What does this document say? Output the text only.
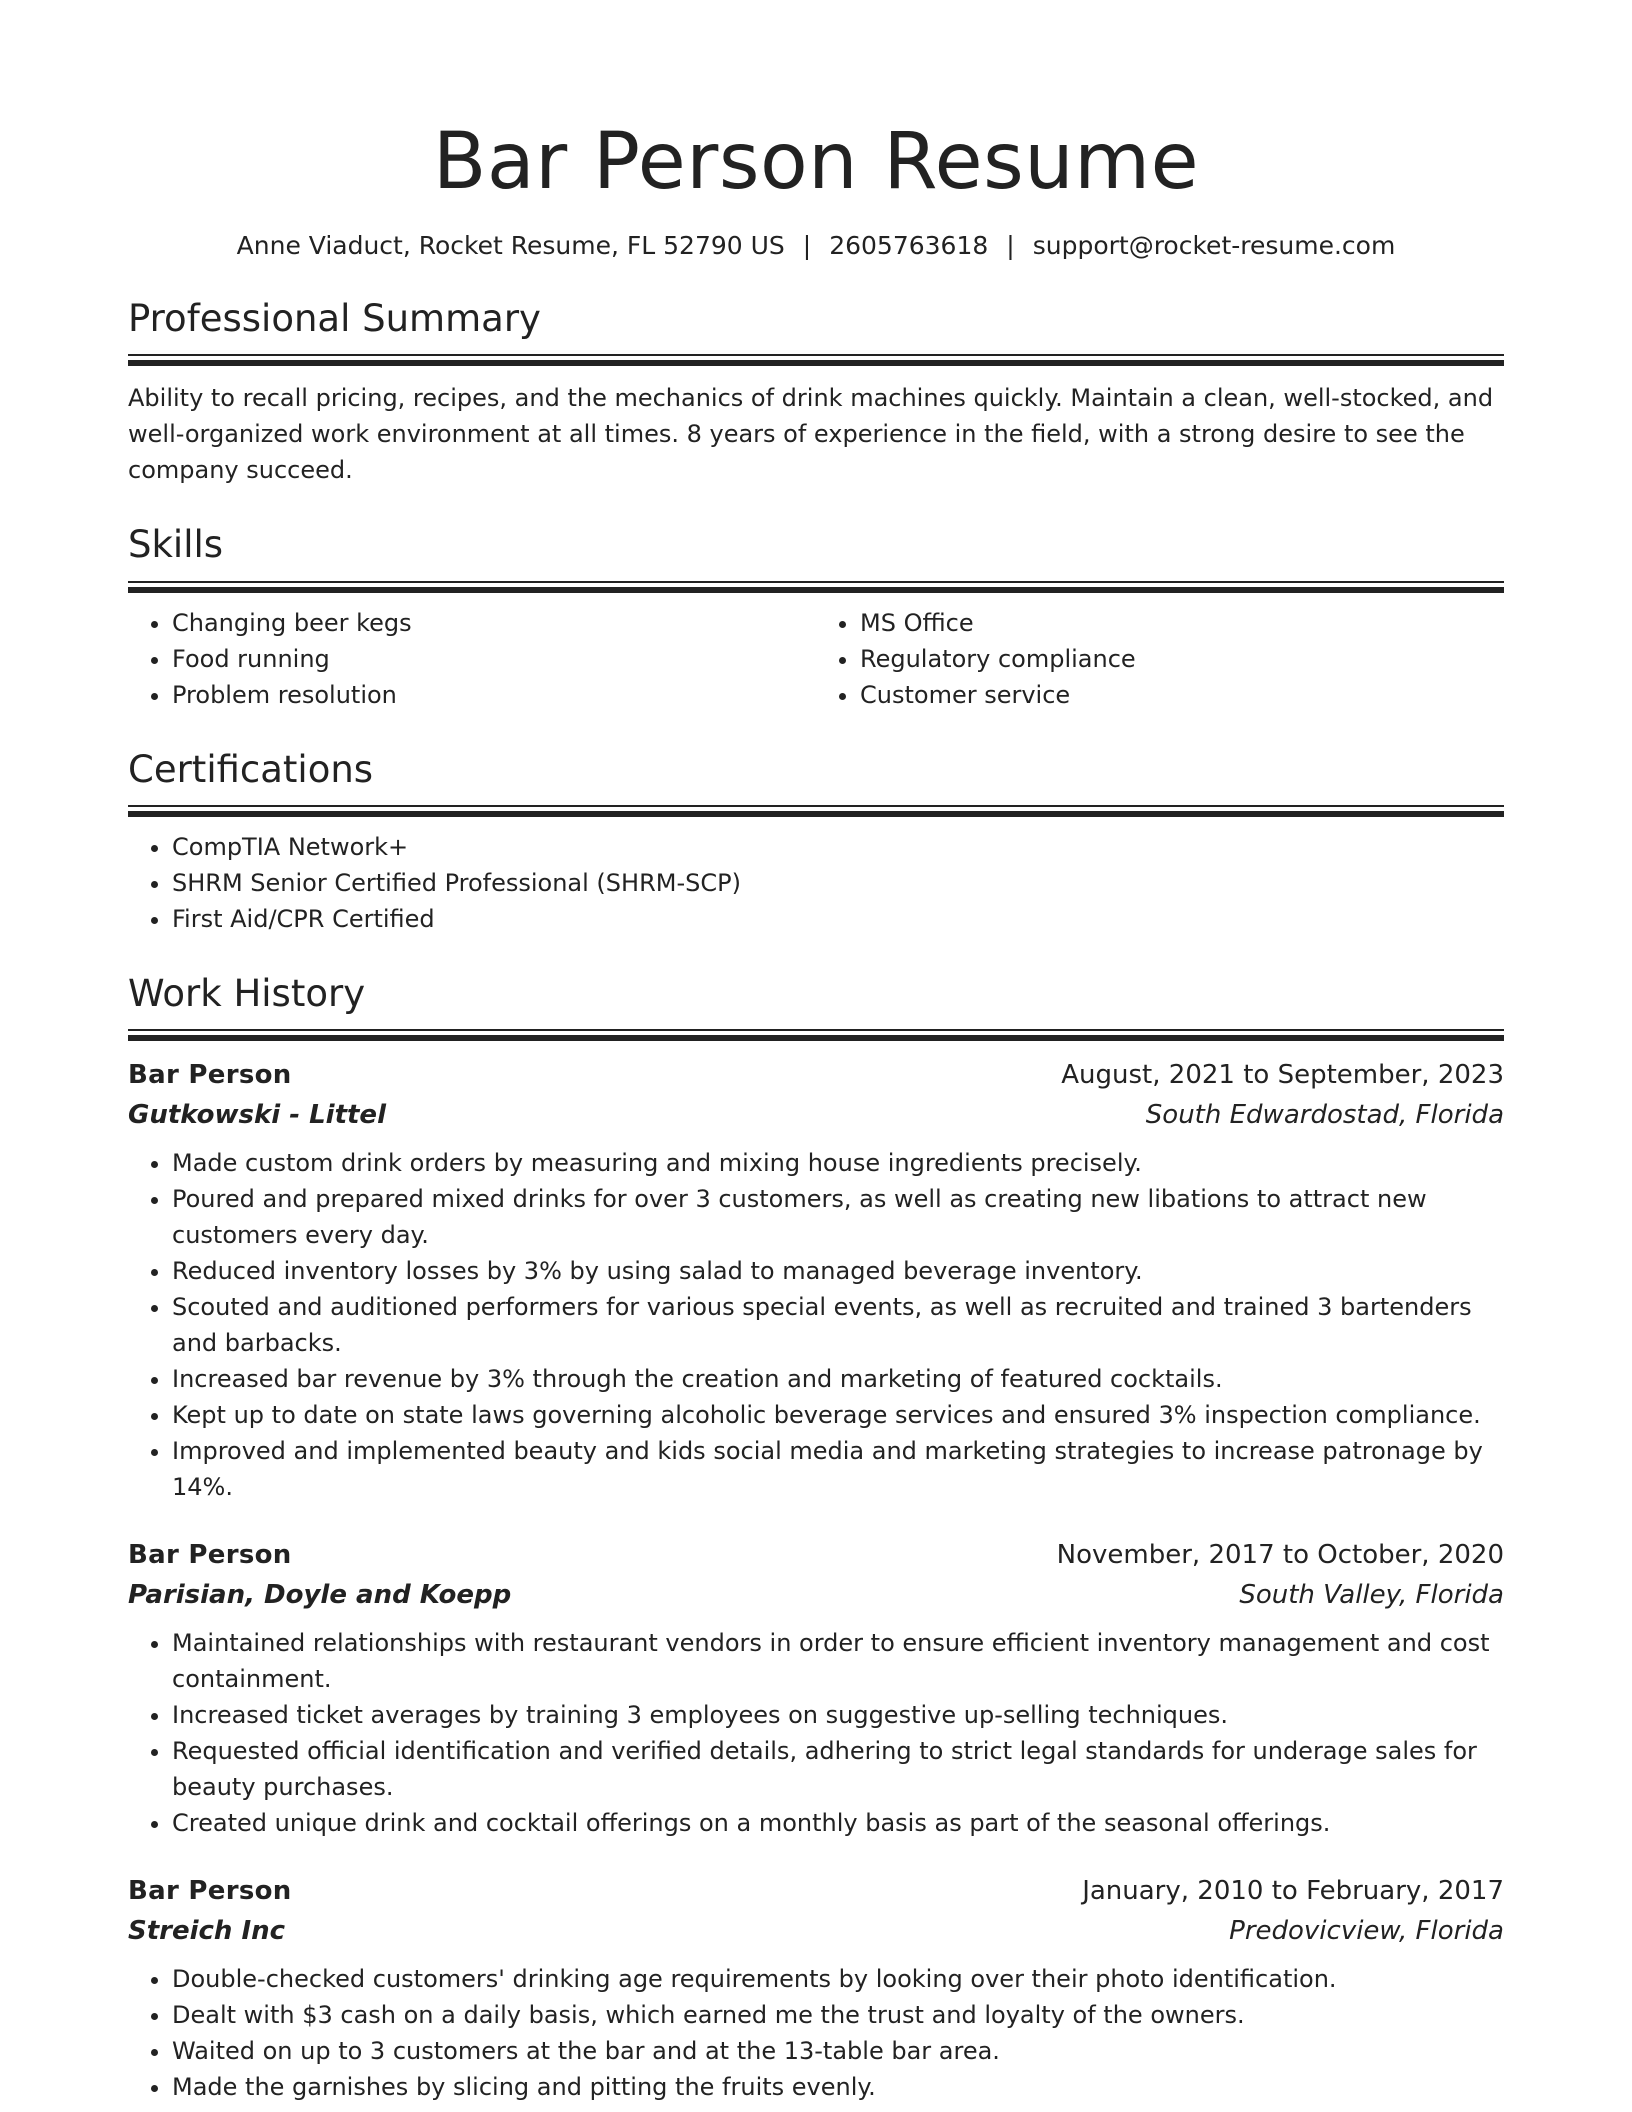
Bar Person Resume
Anne Viaduct, Rocket Resume, FL 52790 US | 2605763618 | support@rocket-resume.com
Professional Summary
Ability to recall pricing, recipes, and the mechanics of drink machines quickly. Maintain a clean, well-stocked, and well-organized work environment at all times. 8 years of experience in the field, with a strong desire to see the company succeed.
Skills
• Changing beer kegs
• Food running
• Problem resolution
• MS Office
• Regulatory compliance
• Customer service
Certifications
• CompTIA Network+
• SHRM Senior Certified Professional (SHRM-SCP)
• First Aid/CPR Certified
Work History
Bar Person	August, 2021 to September, 2023
Gutkowski - Littel	South Edwardostad, Florida
• Made custom drink orders by measuring and mixing house ingredients precisely.
• Poured and prepared mixed drinks for over 3 customers, as well as creating new libations to attract new customers every day.
• Reduced inventory losses by 3% by using salad to managed beverage inventory.
• Scouted and auditioned performers for various special events, as well as recruited and trained 3 bartenders and barbacks.
• Increased bar revenue by 3% through the creation and marketing of featured cocktails.
• Kept up to date on state laws governing alcoholic beverage services and ensured 3% inspection compliance.
• Improved and implemented beauty and kids social media and marketing strategies to increase patronage by 14%.
Bar Person	November, 2017 to October, 2020
Parisian, Doyle and Koepp	South Valley, Florida
• Maintained relationships with restaurant vendors in order to ensure efficient inventory management and cost containment.
• Increased ticket averages by training 3 employees on suggestive up-selling techniques.
• Requested official identification and verified details, adhering to strict legal standards for underage sales for beauty purchases.
• Created unique drink and cocktail offerings on a monthly basis as part of the seasonal offerings.
Bar Person	January, 2010 to February, 2017
Streich Inc	Predovicview, Florida
• Double-checked customers' drinking age requirements by looking over their photo identification.
• Dealt with $3 cash on a daily basis, which earned me the trust and loyalty of the owners.
• Waited on up to 3 customers at the bar and at the 13-table bar area.
• Made the garnishes by slicing and pitting the fruits evenly.
